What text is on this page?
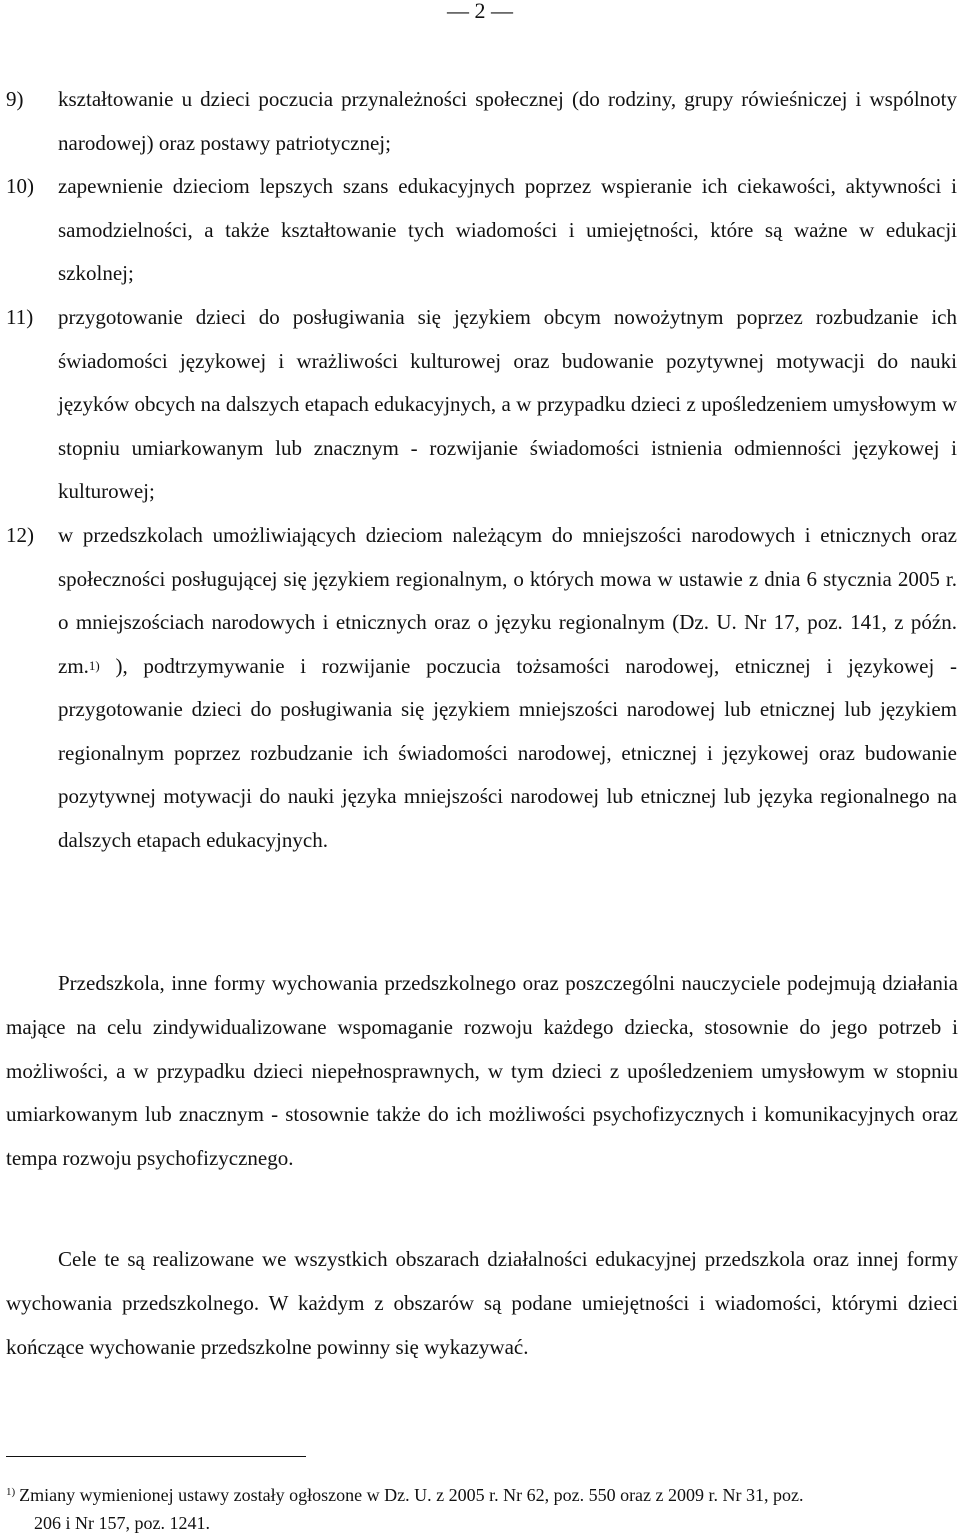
— 2 —
9) kształtowanie u dzieci poczucia przynależności społecznej (do rodziny, grupy rówieśniczej i wspólnoty narodowej) oraz postawy patriotycznej;
10) zapewnienie dzieciom lepszych szans edukacyjnych poprzez wspieranie ich ciekawości, aktywności i samodzielności, a także kształtowanie tych wiadomości i umiejętności, które są ważne w edukacji szkolnej;
11) przygotowanie dzieci do posługiwania się językiem obcym nowożytnym poprzez rozbudzanie ich świadomości językowej i wrażliwości kulturowej oraz budowanie pozytywnej motywacji do nauki języków obcych na dalszych etapach edukacyjnych, a w przypadku dzieci z upośledzeniem umysłowym w stopniu umiarkowanym lub znacznym - rozwijanie świadomości istnienia odmienności językowej i kulturowej;
12) w przedszkolach umożliwiających dzieciom należącym do mniejszości narodowych i etnicznych oraz społeczności posługującej się językiem regionalnym, o których mowa w ustawie z dnia 6 stycznia 2005 r. o mniejszościach narodowych i etnicznych oraz o języku regionalnym (Dz. U. Nr 17, poz. 141, z późn. zm.$^{1)}$ ), podtrzymywanie i rozwijanie poczucia tożsamości narodowej, etnicznej i językowej - przygotowanie dzieci do posługiwania się językiem mniejszości narodowej lub etnicznej lub językiem regionalnym poprzez rozbudzanie ich świadomości narodowej, etnicznej i językowej oraz budowanie pozytywnej motywacji do nauki języka mniejszości narodowej lub etnicznej lub języka regionalnego na dalszych etapach edukacyjnych.
Przedszkola, inne formy wychowania przedszkolnego oraz poszczególni nauczyciele podejmują działania mające na celu zindywidualizowane wspomaganie rozwoju każdego dziecka, stosownie do jego potrzeb i możliwości, a w przypadku dzieci niepełnosprawnych, w tym dzieci z upośledzeniem umysłowym w stopniu umiarkowanym lub znacznym - stosownie także do ich możliwości psychofizycznych i komunikacyjnych oraz tempa rozwoju psychofizycznego.
Cele te są realizowane we wszystkich obszarach działalności edukacyjnej przedszkola oraz innej formy wychowania przedszkolnego. W każdym z obszarów są podane umiejętności i wiadomości, którymi dzieci kończące wychowanie przedszkolne powinny się wykazywać.
$^{1)}$ Zmiany wymienionej ustawy zostały ogłoszone w Dz. U. z 2005 r. Nr 62, poz. 550 oraz z 2009 r. Nr 31, poz.
206 i Nr 157, poz. 1241.
